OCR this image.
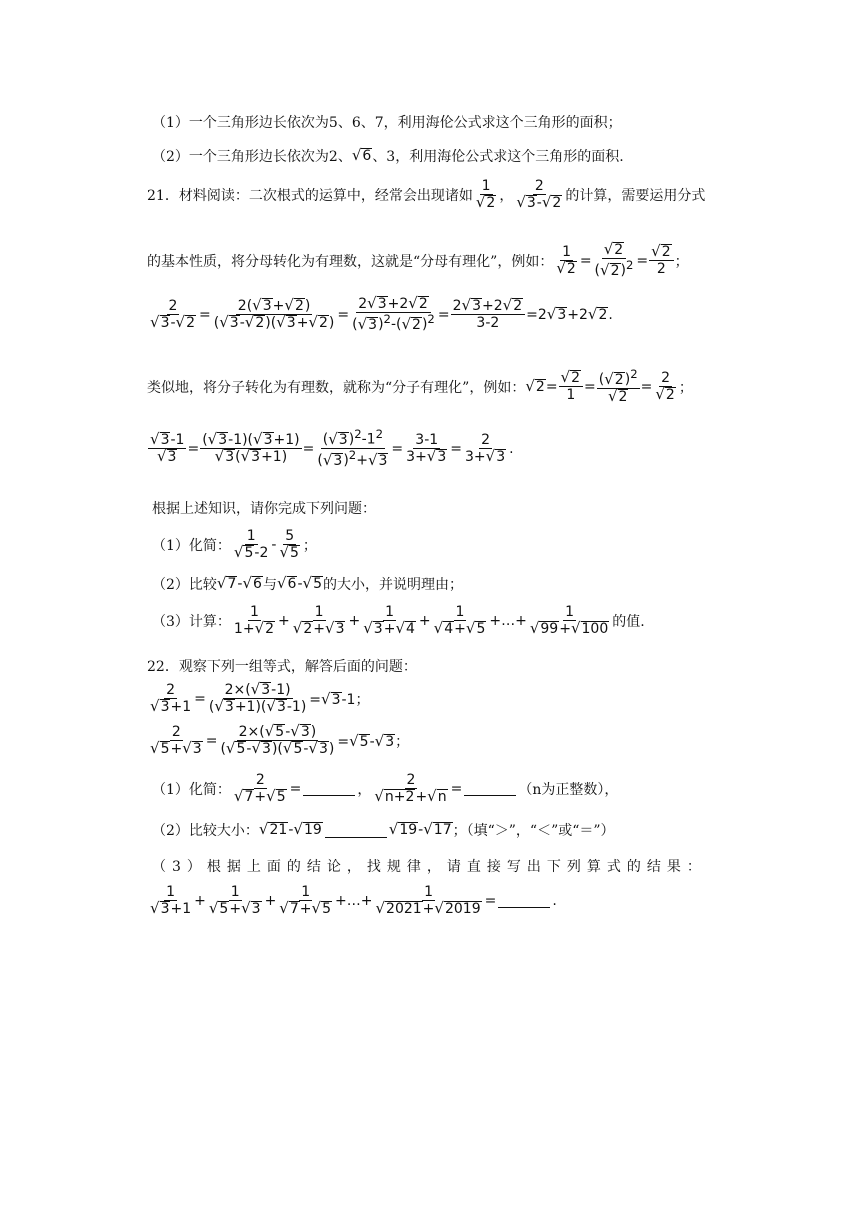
（1）一个三角形边长依次为5、6、7，利用海伦公式求这个三角形的面积；
（2）一个三角形边长依次为2、 √ 6 、3，利用海伦公式求这个三角形的面积.
21．材料阅读：二次根式的运算中，经常会出现诸如 $\frac{1}{√ 2}$ ， $\frac{2}{√ 3 - √ 2}$ 的计算，需要运用分式
的基本性质，将分母转化为有理数，这就是“分母有理化”，例如： $\frac{1}{√ 2} = \frac{√ 2}{( √ 2 )^2} = \frac{√ 2}{2}$ ；
$\frac{2}{√ 3 - √ 2} = \frac{2( √ 3 + √ 2 )}{( √ 3 - √ 2 )( √ 3 + √ 2 )} = \frac{2 √ 3 +2 √ 2}{( √ 3 )^2-( √ 2 )^2} = \frac{2 √ 3 +2 √ 2}{3-2} =2$ √ 3 +2 √ 2 .
类似地，将分子转化为有理数，就称为“分子有理化”，例如： √ $2 = \frac{√ 2}{1} = \frac{( √ 2 )^2}{√ 2} = \frac{2}{√ 2}$ ；
$\frac{√ 3 -1}{√ 3} = \frac{( √ 3 -1)( √ 3 +1)}{√ 3 ( √ 3 +1)} = \frac{( √ 3 )^2-1^2}{( √ 3 )^2+ √ 3} = \frac{3-1}{3+ √ 3} = \frac{2}{3+ √ 3}$ .
根据上述知识，请你完成下列问题：
（1）化简： $\frac{1}{√ 5 -2} - \frac{5}{√ 5}$ ；
（2）比较 √ 7 - √ 6 与 √ 6 - √ 5 的大小，并说明理由；
（3）计算： $\frac{1}{1+ √ 2} + \frac{1}{√ 2 + √ 3} + \frac{1}{√ 3 + √ 4} + \frac{1}{√ 4 + √ 5}$ +…+ $\frac{1}{√ 99 + √ 100}$ 的值.
22．观察下列一组等式，解答后面的问题：
$\frac{2}{√ 3 +1} = \frac{2\times( √ 3 -1)}{( √ 3 +1)( √ 3 -1)}$ = √ 3 -1；
$\frac{2}{√ 5 + √ 3} = \frac{2\times( √ 5 - √ 3 )}{( √ 5 - √ 3 )( √ 5 - √ 3 )}$ = √ 5 - √ 3 ；
（1）化简： $\frac{2}{√ 7 + √ 5}$ =	， $\frac{2}{√ n+2 + √ n}$ =	（n为正整数），
（2）比较大小： √ 21 - √ 19	√ 19 - √ 17 ；（填“＞”，“＜”或“＝”）
（3）根据上面的结论，找规律，请直接写出下列算式的结果：
$\frac{1}{√ 3 +1} + \frac{1}{√ 5 + √ 3} + \frac{1}{√ 7 + √ 5}$ +…+ $\frac{1}{√ 2021 + √ 2019}$ =	.
